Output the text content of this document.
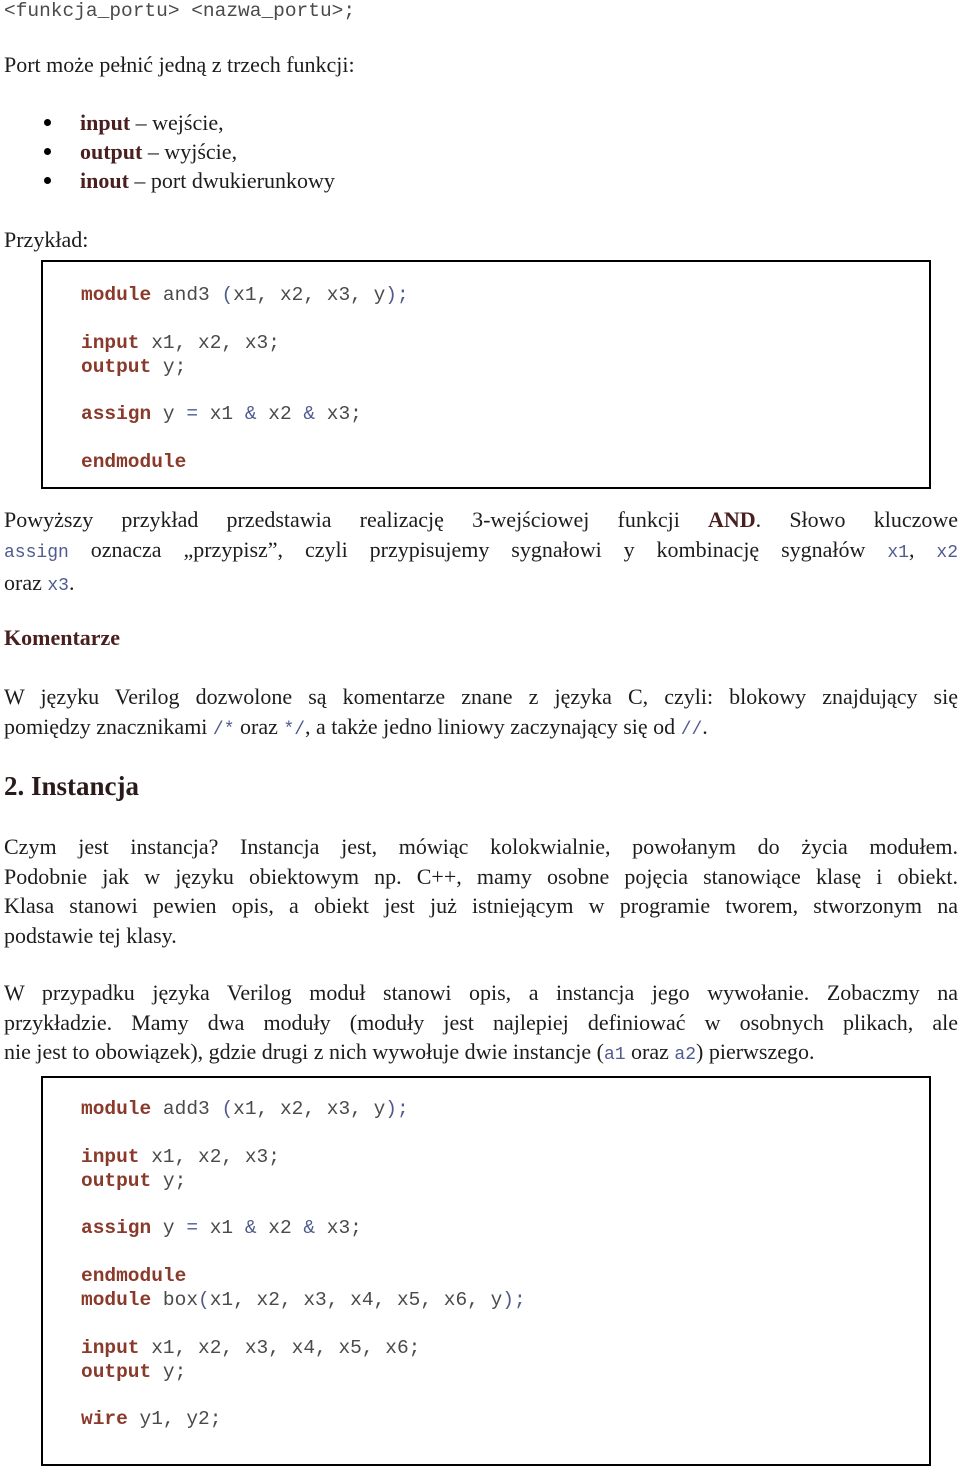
<funkcja_portu> <nazwa_portu>;
Port może pełnić jedną z trzech funkcji:
input – wejście,
output – wyjście,
inout – port dwukierunkowy
Przykład:
module and3 (x1, x2, x3, y);
input x1, x2, x3;
output y;
assign y = x1 & x2 & x3;
endmodule
Powyższy przykład przedstawia realizację 3-wejściowej funkcji AND. Słowo kluczowe
assign oznacza „przypisz”, czyli przypisujemy sygnałowi y kombinację sygnałów x1, x2
oraz x3.
Komentarze
W języku Verilog dozwolone są komentarze znane z języka C, czyli: blokowy znajdujący się
pomiędzy znacznikami /* oraz */, a także jedno liniowy zaczynający się od //.
2. Instancja
Czym jest instancja? Instancja jest, mówiąc kolokwialnie, powołanym do życia modułem.
Podobnie jak w języku obiektowym np. C++, mamy osobne pojęcia stanowiące klasę i obiekt.
Klasa stanowi pewien opis, a obiekt jest już istniejącym w programie tworem, stworzonym na
podstawie tej klasy.
W przypadku języka Verilog moduł stanowi opis, a instancja jego wywołanie. Zobaczmy na
przykładzie. Mamy dwa moduły (moduły jest najlepiej definiować w osobnych plikach, ale
nie jest to obowiązek), gdzie drugi z nich wywołuje dwie instancje (a1 oraz a2) pierwszego.
module add3 (x1, x2, x3, y);
input x1, x2, x3;
output y;
assign y = x1 & x2 & x3;
endmodule
module box(x1, x2, x3, x4, x5, x6, y);
input x1, x2, x3, x4, x5, x6;
output y;
wire y1, y2;
